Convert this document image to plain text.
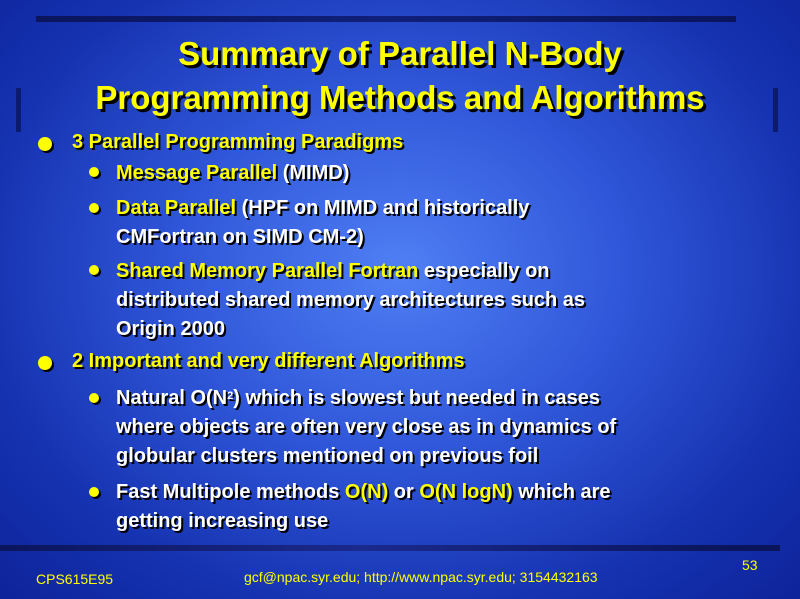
Summary of Parallel N-Body
Programming Methods and Algorithms
3 Parallel Programming Paradigms
Message Parallel (MIMD)
Data Parallel (HPF on MIMD and historically
CMFortran on SIMD CM-2)
Shared Memory Parallel Fortran especially on
distributed shared memory architectures such as
Origin 2000
2 Important and very different Algorithms
Natural $O(N^2)$ which is slowest but needed in cases
where objects are often very close as in dynamics of
globular clusters mentioned on previous foil
Fast Multipole methods O(N) or O(N logN) which are
getting increasing use
CPS615E95	gcf@npac.syr.edu; http://www.npac.syr.edu; 3154432163
53
